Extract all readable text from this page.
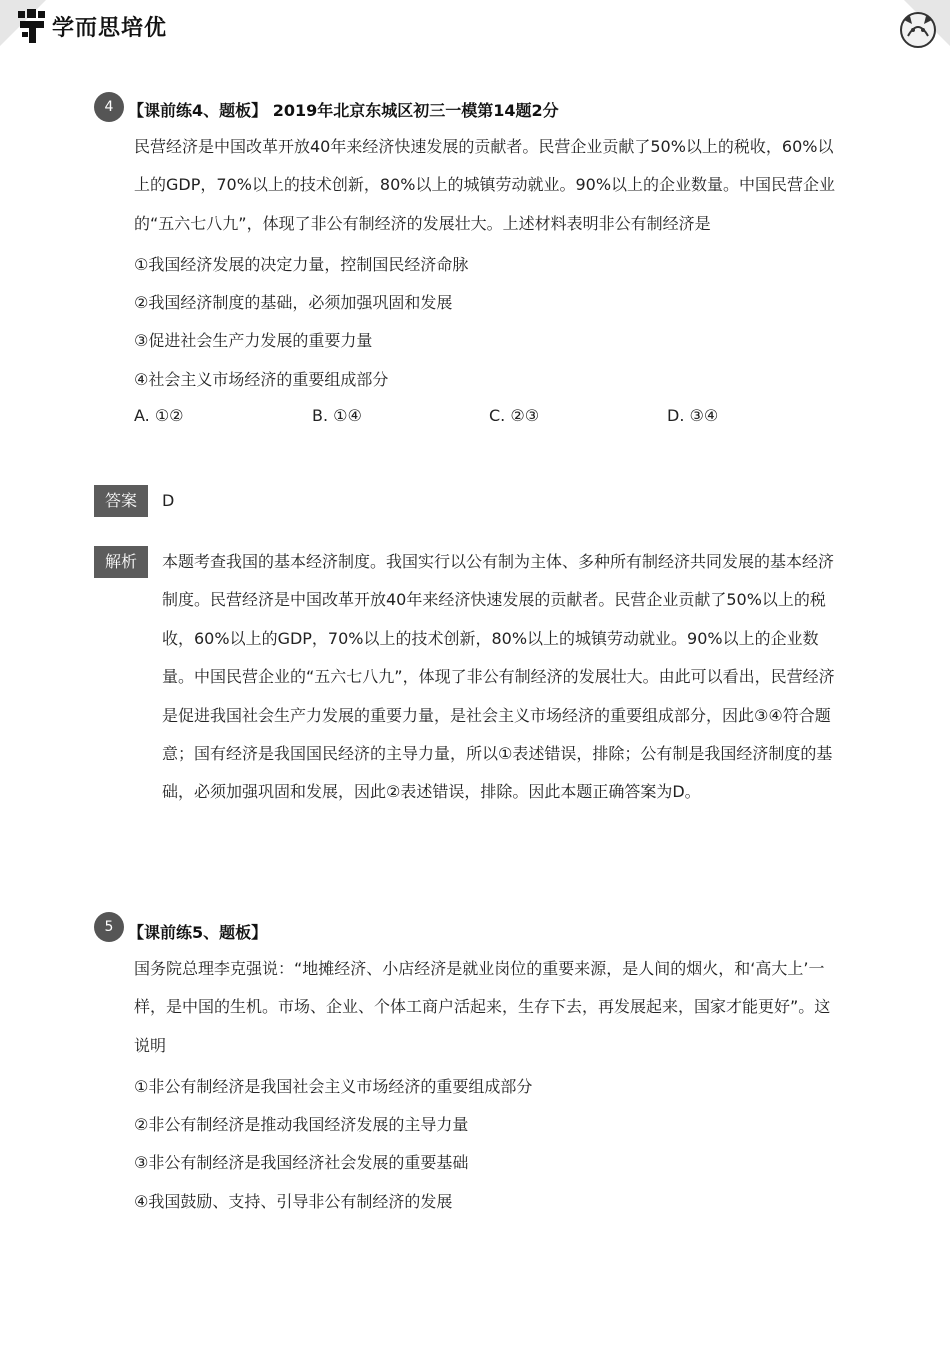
学而思培优
4 【课前练4、题板】 2019年北京东城区初三一模第14题2分

民营经济是中国改革开放40年来经济快速发展的贡献者。民营企业贡献了50%以上的税收，60%以上的GDP，70%以上的技术创新，80%以上的城镇劳动就业。90%以上的企业数量。中国民营企业的“五六七八九”，体现了非公有制经济的发展壮大。上述材料表明非公有制经济是

①我国经济发展的决定力量，控制国民经济命脉
②我国经济制度的基础，必须加强巩固和发展
③促进社会生产力发展的重要力量
④社会主义市场经济的重要组成部分
A. ①②	B. ①④	C. ②③	D. ③④
答案	D
解析	本题考查我国的基本经济制度。我国实行以公有制为主体、多种所有制经济共同发展的基本经济制度。民营经济是中国改革开放40年来经济快速发展的贡献者。民营企业贡献了50%以上的税收，60%以上的GDP，70%以上的技术创新，80%以上的城镇劳动就业。90%以上的企业数量。中国民营企业的“五六七八九”，体现了非公有制经济的发展壮大。由此可以看出，民营经济是促进我国社会生产力发展的重要力量，是社会主义市场经济的重要组成部分，因此③④符合题意；国有经济是我国国民经济的主导力量，所以①表述错误，排除；公有制是我国经济制度的基础，必须加强巩固和发展，因此②表述错误，排除。因此本题正确答案为D。

5 【课前练5、题板】

国务院总理李克强说：“地摊经济、小店经济是就业岗位的重要来源，是人间的烟火，和‘高大上’一样，是中国的生机。市场、企业、个体工商户活起来，生存下去，再发展起来，国家才能更好”。这说明

①非公有制经济是我国社会主义市场经济的重要组成部分
②非公有制经济是推动我国经济发展的主导力量
③非公有制经济是我国经济社会发展的重要基础
④我国鼓励、支持、引导非公有制经济的发展
